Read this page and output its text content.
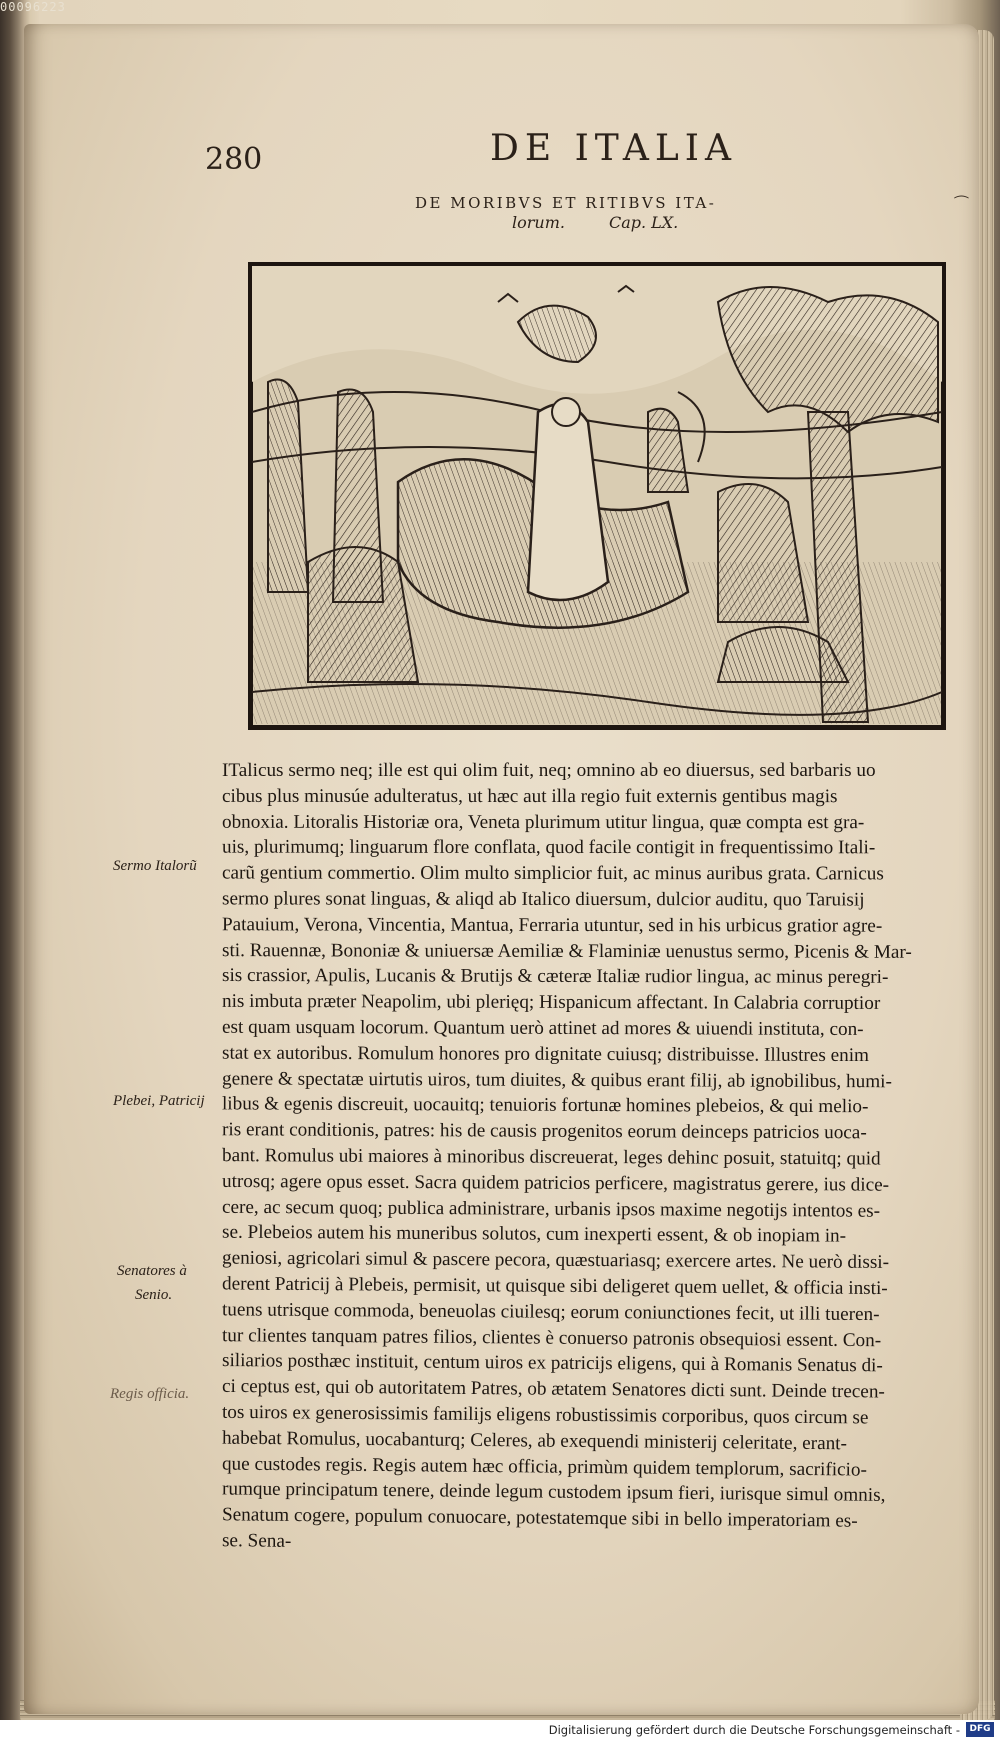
00096223
280	DE ITALIA
DE MORIBVS ET RITIBVS ITA-
lorum.	Cap. LX.
⁀
ITalicus sermo neq; ille est qui olim fuit, neq; omnino ab eo diuersus, sed barbaris uo
cibus plus minusúe adulteratus, ut hæc aut illa regio fuit externis gentibus magis
obnoxia. Litoralis Historiæ ora, Veneta plurimum utitur lingua, quæ compta est gra-
uis, plurimumq; linguarum flore conflata, quod facile contigit in frequentissimo Itali-
carũ gentium commertio. Olim multo simplicior fuit, ac minus auribus grata. Carnicus
sermo plures sonat linguas, & aliqd ab Italico diuersum, dulcior auditu, quo Taruisij
Patauium, Verona, Vincentia, Mantua, Ferraria utuntur, sed in his urbicus gratior agre-
sti. Rauennæ, Bononiæ & uniuersæ Aemiliæ & Flaminiæ uenustus sermo, Picenis & Mar-
sis crassior, Apulis, Lucanis & Brutijs & cæteræ Italiæ rudior lingua, ac minus peregri-
nis imbuta præter Neapolim, ubi plerięq; Hispanicum affectant. In Calabria corruptior
est quam usquam locorum. Quantum uerò attinet ad mores & uiuendi instituta, con-
stat ex autoribus. Romulum honores pro dignitate cuiusq; distribuisse. Illustres enim
genere & spectatæ uirtutis uiros, tum diuites, & quibus erant filij, ab ignobilibus, humi-
libus & egenis discreuit, uocauitq; tenuioris fortunæ homines plebeios, & qui melio-
ris erant conditionis, patres: his de causis progenitos eorum deinceps patricios uoca-
bant. Romulus ubi maiores à minoribus discreuerat, leges dehinc posuit, statuitq; quid
utrosq; agere opus esset. Sacra quidem patricios perficere, magistratus gerere, ius dice-
cere, ac secum quoq; publica administrare, urbanis ipsos maxime negotijs intentos es-
se. Plebeios autem his muneribus solutos, cum inexperti essent, & ob inopiam in-
geniosi, agricolari simul & pascere pecora, quæstuariasq; exercere artes. Ne uerò dissi-
derent Patricij à Plebeis, permisit, ut quisque sibi deligeret quem uellet, & officia insti-
tuens utrisque commoda, beneuolas ciuilesq; eorum coniunctiones fecit, ut illi tueren-
tur clientes tanquam patres filios, clientes è conuerso patronis obsequiosi essent. Con-
siliarios posthæc instituit, centum uiros ex patricijs eligens, qui à Romanis Senatus di-
ci ceptus est, qui ob autoritatem Patres, ob ætatem Senatores dicti sunt. Deinde trecen-
tos uiros ex generosissimis familijs eligens robustissimis corporibus, quos circum se
habebat Romulus, uocabanturq; Celeres, ab exequendi ministerij celeritate, erant-
que custodes regis. Regis autem hæc officia, primùm quidem templorum, sacrificio-
rumque principatum tenere, deinde legum custodem ipsum fieri, iurisque simul omnis,
Senatum cogere, populum conuocare, potestatemque sibi in bello imperatoriam es-
se. Sena-
Sermo Italorũ
Plebei, Patricij
Senatores à
Senio.
Regis officia.
Digitalisierung gefördert durch die Deutsche Forschungsgemeinschaft -	DFG
